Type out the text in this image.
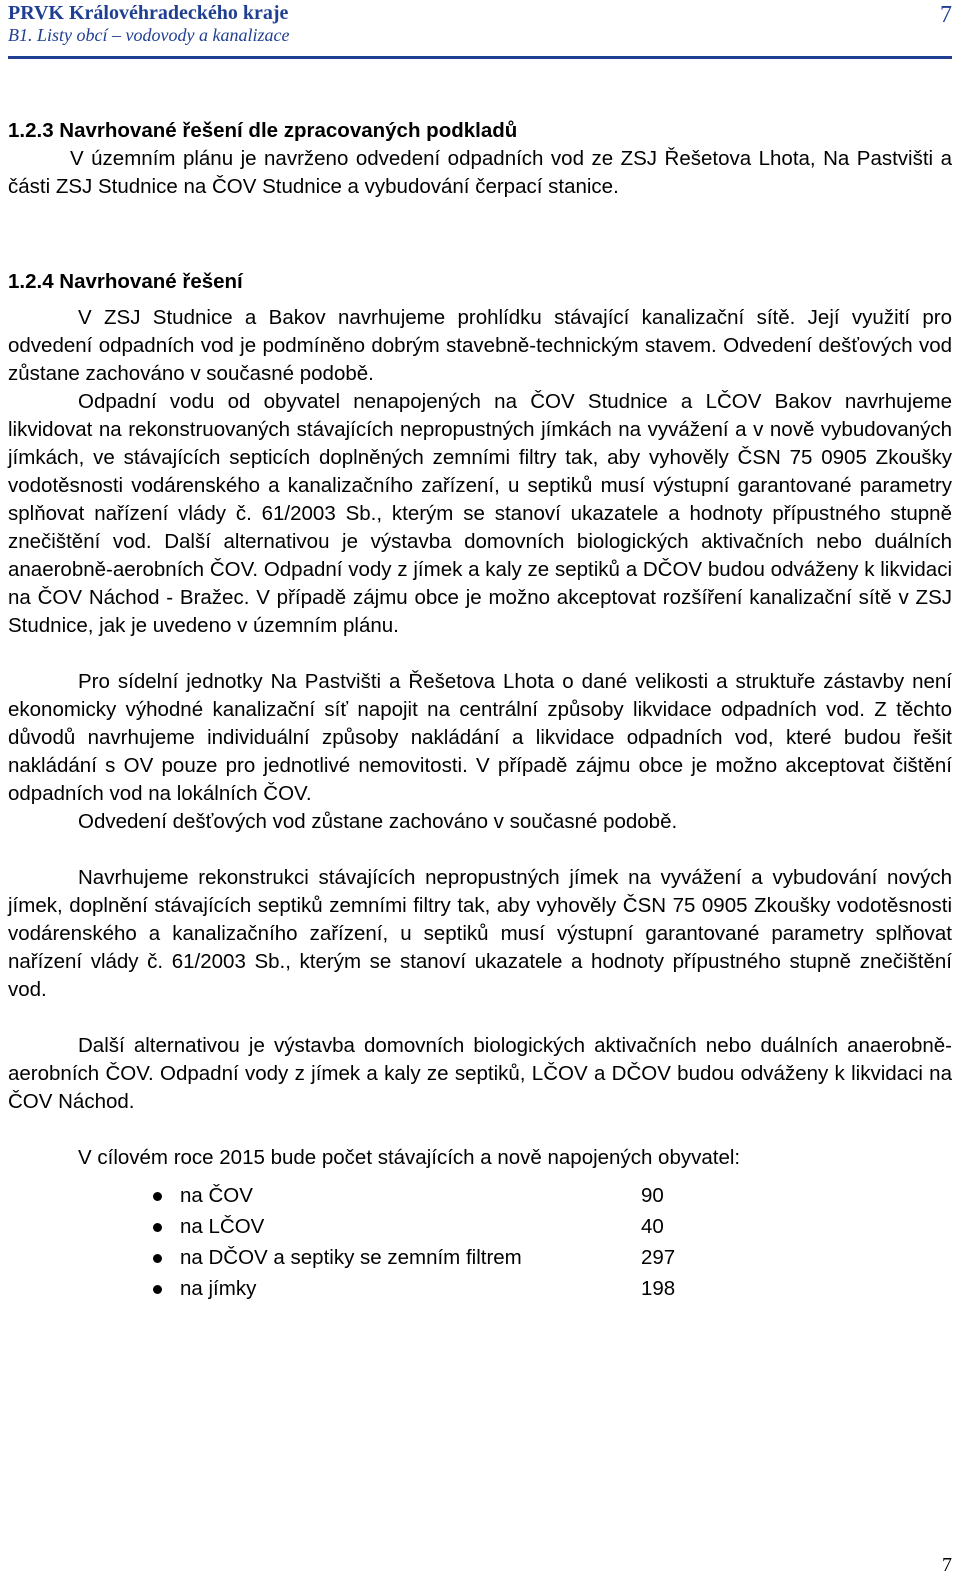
PRVK Královéhradeckého kraje
B1. Listy obcí – vodovody a kanalizace
7
1.2.3 Navrhované řešení dle zpracovaných podkladů

V územním plánu je navrženo odvedení odpadních vod ze ZSJ Řešetova Lhota, Na Pastvišti a části ZSJ Studnice na ČOV Studnice a vybudování čerpací stanice.

1.2.4 Navrhované řešení

V ZSJ Studnice a Bakov navrhujeme prohlídku stávající kanalizační sítě. Její využití pro odvedení odpadních vod je podmíněno dobrým stavebně-technickým stavem. Odvedení dešťových vod zůstane zachováno v současné podobě.

Odpadní vodu od obyvatel nenapojených na ČOV Studnice a LČOV Bakov navrhujeme likvidovat na rekonstruovaných stávajících nepropustných jímkách na vyvážení a v nově vybudovaných jímkách, ve stávajících septicích doplněných zemními filtry tak, aby vyhověly ČSN 75 0905 Zkoušky vodotěsnosti vodárenského a kanalizačního zařízení, u septiků musí výstupní garantované parametry splňovat nařízení vlády č. 61/2003 Sb., kterým se stanoví ukazatele a hodnoty přípustného stupně znečištění vod. Další alternativou je výstavba domovních biologických aktivačních nebo duálních anaerobně-aerobních ČOV. Odpadní vody z jímek a kaly ze septiků a DČOV budou odváženy k likvidaci na ČOV Náchod - Bražec. V případě zájmu obce je možno akceptovat rozšíření kanalizační sítě v ZSJ Studnice, jak je uvedeno v územním plánu.

Pro sídelní jednotky Na Pastvišti a Řešetova Lhota o dané velikosti a struktuře zástavby není ekonomicky výhodné kanalizační síť napojit na centrální způsoby likvidace odpadních vod. Z těchto důvodů navrhujeme individuální způsoby nakládání a likvidace odpadních vod, které budou řešit nakládání s OV pouze pro jednotlivé nemovitosti. V případě zájmu obce je možno akceptovat čištění odpadních vod na lokálních ČOV.

Odvedení dešťových vod zůstane zachováno v současné podobě.

Navrhujeme rekonstrukci stávajících nepropustných jímek na vyvážení a vybudování nových jímek, doplnění stávajících septiků zemními filtry tak, aby vyhověly ČSN 75 0905 Zkoušky vodotěsnosti vodárenského a kanalizačního zařízení, u septiků musí výstupní garantované parametry splňovat nařízení vlády č. 61/2003 Sb., kterým se stanoví ukazatele a hodnoty přípustného stupně znečištění vod.

Další alternativou je výstavba domovních biologických aktivačních nebo duálních anaerobně-aerobních ČOV. Odpadní vody z jímek a kaly ze septiků, LČOV a DČOV budou odváženy k likvidaci na ČOV Náchod.

V cílovém roce 2015 bude počet stávajících a nově napojených obyvatel:

na ČOV	90
na LČOV	40
na DČOV a septiky se zemním filtrem	297
na jímky	198
7
